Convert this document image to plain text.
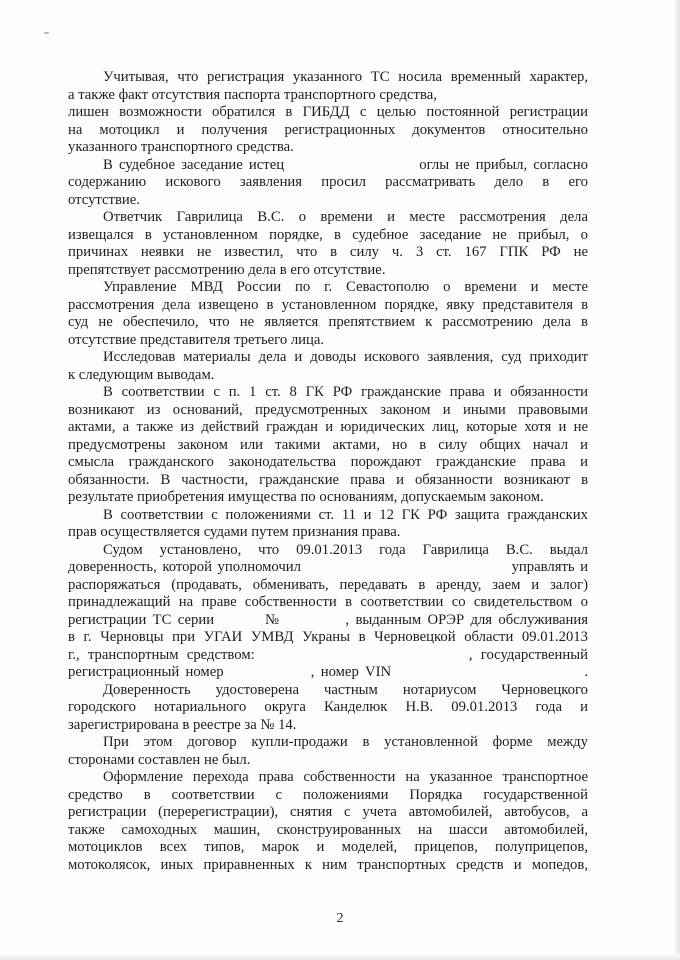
Учитывая, что регистрация указанного ТС носила временный характер,
а также факт отсутствия паспорта транспортного средства,
лишен возможности обратился в ГИБДД с целью постоянной регистрации
на мотоцикл и получения регистрационных документов относительно
указанного транспортного средства.
В судебное заседание истец                      оглы не прибыл, согласно
содержанию искового заявления просил рассматривать дело в его
отсутствие.
Ответчик Гаврилица В.С. о времени и месте рассмотрения дела
извещался в установленном порядке, в судебное заседание не прибыл, о
причинах неявки не известил, что в силу ч. 3 ст. 167 ГПК РФ не
препятствует рассмотрению дела в его отсутствие.
Управление МВД России по г. Севастополю о времени и месте
рассмотрения дела извещено в установленном порядке, явку представителя в
суд не обеспечило, что не является препятствием к рассмотрению дела в
отсутствие представителя третьего лица.
Исследовав материалы дела и доводы искового заявления, суд приходит
к следующим выводам.
В соответствии с п. 1 ст. 8 ГК РФ гражданские права и обязанности
возникают из оснований, предусмотренных законом и иными правовыми
актами, а также из действий граждан и юридических лиц, которые хотя и не
предусмотрены законом или такими актами, но в силу общих начал и
смысла гражданского законодательства порождают гражданские права и
обязанности. В частности, гражданские права и обязанности возникают в
результате приобретения имущества по основаниям, допускаемым законом.
В соответствии с положениями ст. 11 и 12 ГК РФ защита гражданских
прав осуществляется судами путем признания права.
Судом установлено, что 09.01.2013 года Гаврилица В.С. выдал
доверенность, которой уполномочил                                      управлять и
распоряжаться (продавать, обменивать, передавать в аренду, заем и залог)
принадлежащий на праве собственности в соответствии со свидетельством о
регистрации ТС серии        №          , выданным ОРЭР для обслуживания
в г. Черновцы при УГАИ УМВД Украны в Черновецкой области 09.01.2013
г., транспортным средством:                          , государственный
регистрационный номер              , номер VIN                               .
Доверенность удостоверена частным нотариусом Черновецкого
городского нотариального округа Канделюк Н.В. 09.01.2013 года и
зарегистрирована в реестре за № 14.
При этом договор купли-продажи в установленной форме между
сторонами составлен не был.
Оформление перехода права собственности на указанное транспортное
средство в соответствии с положениями Порядка государственной
регистрации (перерегистрации), снятия с учета автомобилей, автобусов, а
также самоходных машин, сконструированных на шасси автомобилей,
мотоциклов всех типов, марок и моделей, прицепов, полуприцепов,
мотоколясок, иных приравненных к ним транспортных средств и мопедов,
2
